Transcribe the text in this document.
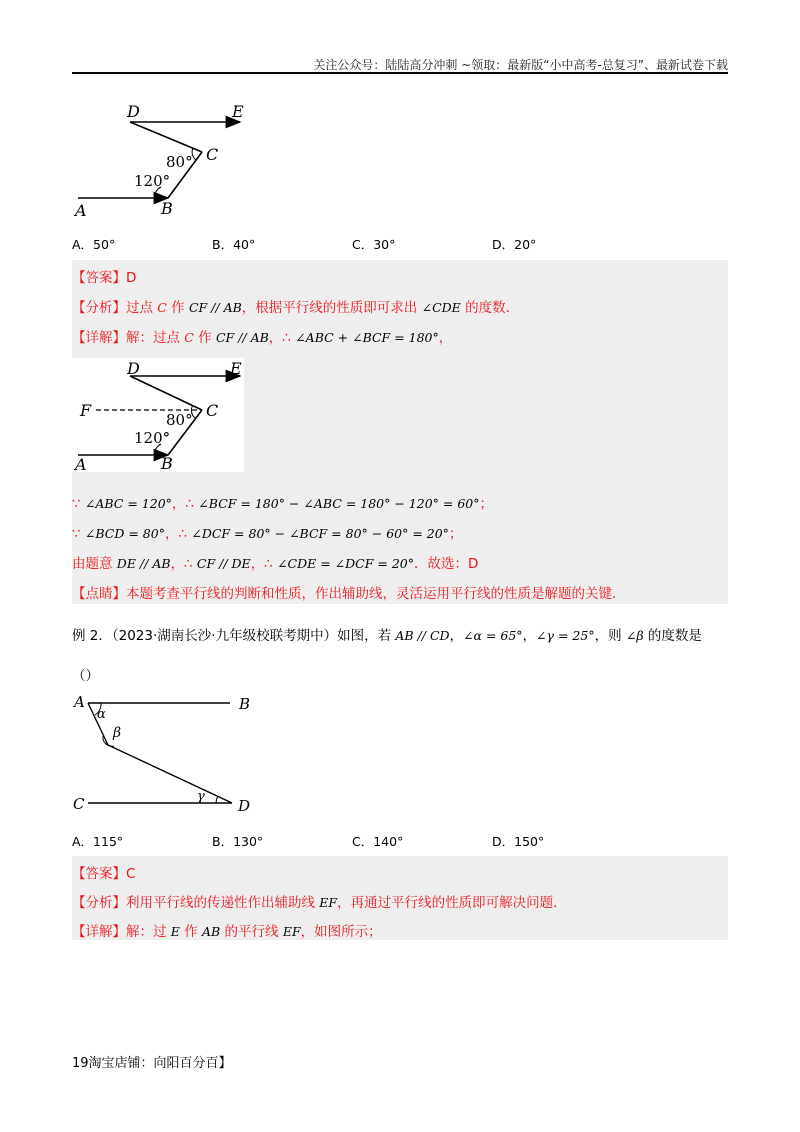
关注公众号：陆陆高分冲刺 ~领取：最新版“小中高考-总复习”、最新试卷下载
D	E
C
A	B
80°
120°
A．50°	B．40°	C．30°	D．20°
【答案】D
【分析】过点 C 作 CF // AB，根据平行线的性质即可求出 ∠CDE 的度数.
【详解】解：过点 C 作 CF // AB，∴ ∠ABC + ∠BCF = 180°，
D	E
F	C
A	B
80°
120°
∵ ∠ABC = 120°，∴ ∠BCF = 180° − ∠ABC = 180° − 120° = 60°；
∵ ∠BCD = 80°，∴ ∠DCF = 80° − ∠BCF = 80° − 60° = 20°；
由题意 DE // AB，∴ CF // DE，∴ ∠CDE = ∠DCF = 20°．故选：D
【点睛】本题考查平行线的判断和性质，作出辅助线，灵活运用平行线的性质是解题的关键.
例 2．（2023·湖南长沙·九年级校联考期中）如图，若 AB // CD，∠α = 65°，∠γ = 25°，则 ∠β 的度数是
（）
A	B
C	D
α
β
γ
A．115°	B．130°	C．140°	D．150°
【答案】C
【分析】利用平行线的传递性作出辅助线 EF，再通过平行线的性质即可解决问题.
【详解】解：过 E 作 AB 的平行线 EF，如图所示；
19淘宝店铺：向阳百分百】
